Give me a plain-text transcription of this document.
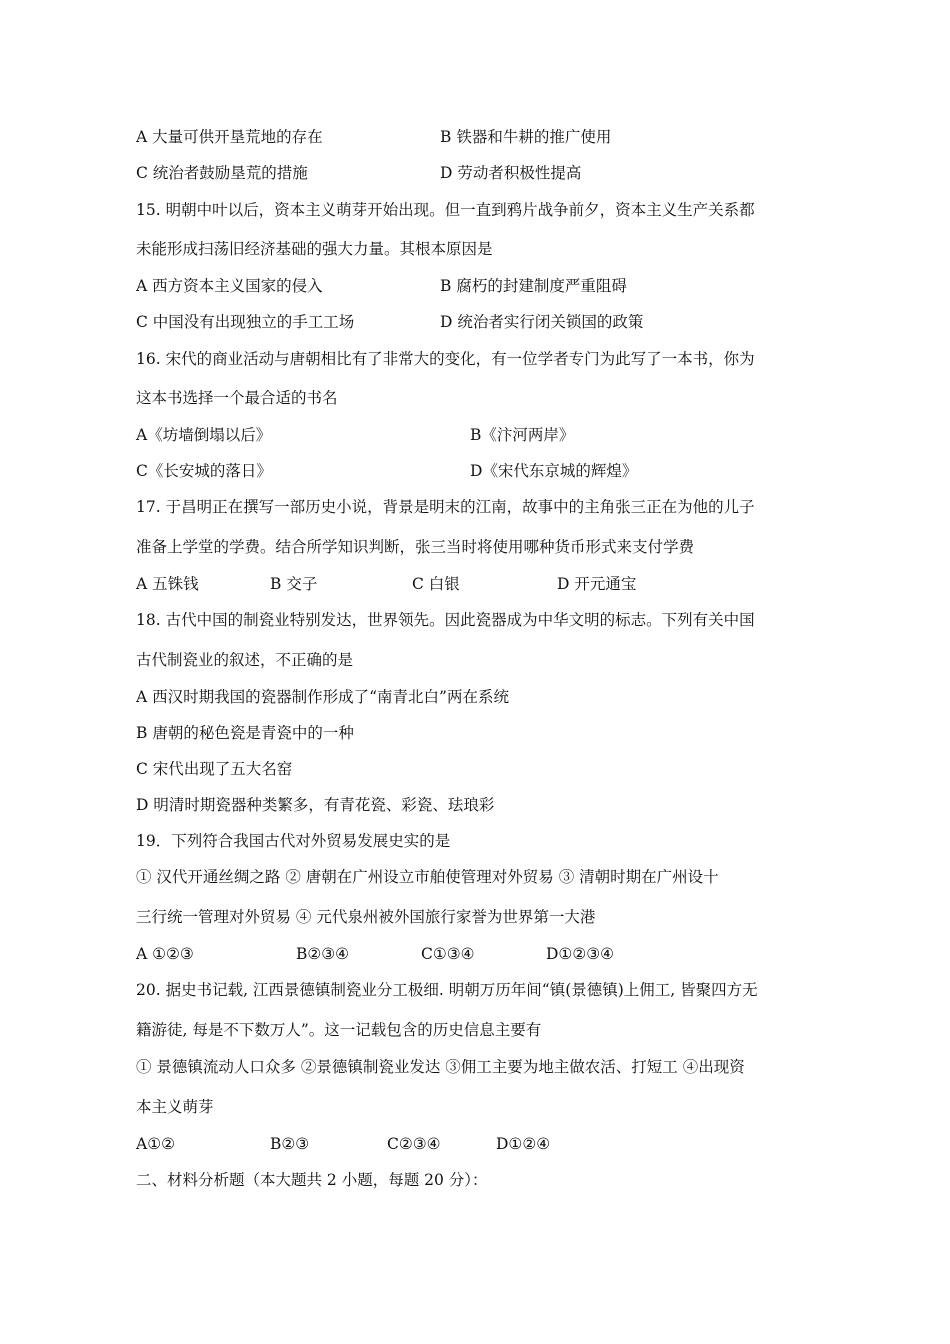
A 大量可供开垦荒地的存在	B 铁器和牛耕的推广使用
C 统治者鼓励垦荒的措施	D 劳动者积极性提高
15. 明朝中叶以后，资本主义萌芽开始出现。但一直到鸦片战争前夕，资本主义生产关系都
未能形成扫荡旧经济基础的强大力量。其根本原因是
A 西方资本主义国家的侵入	B 腐朽的封建制度严重阻碍
C 中国没有出现独立的手工工场	D 统治者实行闭关锁国的政策
16. 宋代的商业活动与唐朝相比有了非常大的变化，有一位学者专门为此写了一本书，你为
这本书选择一个最合适的书名
A《坊墙倒塌以后》	B《汴河两岸》
C《长安城的落日》	D《宋代东京城的辉煌》
17. 于昌明正在撰写一部历史小说，背景是明末的江南，故事中的主角张三正在为他的儿子
准备上学堂的学费。结合所学知识判断，张三当时将使用哪种货币形式来支付学费
A 五铢钱	B 交子	C 白银	D 开元通宝
18. 古代中国的制瓷业特别发达，世界领先。因此瓷器成为中华文明的标志。下列有关中国
古代制瓷业的叙述，不正确的是
A 西汉时期我国的瓷器制作形成了“南青北白”两在系统
B 唐朝的秘色瓷是青瓷中的一种
C 宋代出现了五大名窑
D 明清时期瓷器种类繁多，有青花瓷、彩瓷、珐琅彩
19．下列符合我国古代对外贸易发展史实的是
① 汉代开通丝绸之路 ② 唐朝在广州设立市舶使管理对外贸易 ③ 清朝时期在广州设十
三行统一管理对外贸易 ④ 元代泉州被外国旅行家誉为世界第一大港
A ①②③	B②③④	C①③④	D①②③④
20. 据史书记载, 江西景德镇制瓷业分工极细. 明朝万历年间“镇(景德镇)上佣工, 皆聚四方无
籍游徒, 每是不下数万人”。这一记载包含的历史信息主要有
① 景德镇流动人口众多 ②景德镇制瓷业发达 ③佣工主要为地主做农活、打短工 ④出现资
本主义萌芽
A①②	B②③	C②③④	D①②④
二、材料分析题（本大题共 2 小题，每题 20 分）：
